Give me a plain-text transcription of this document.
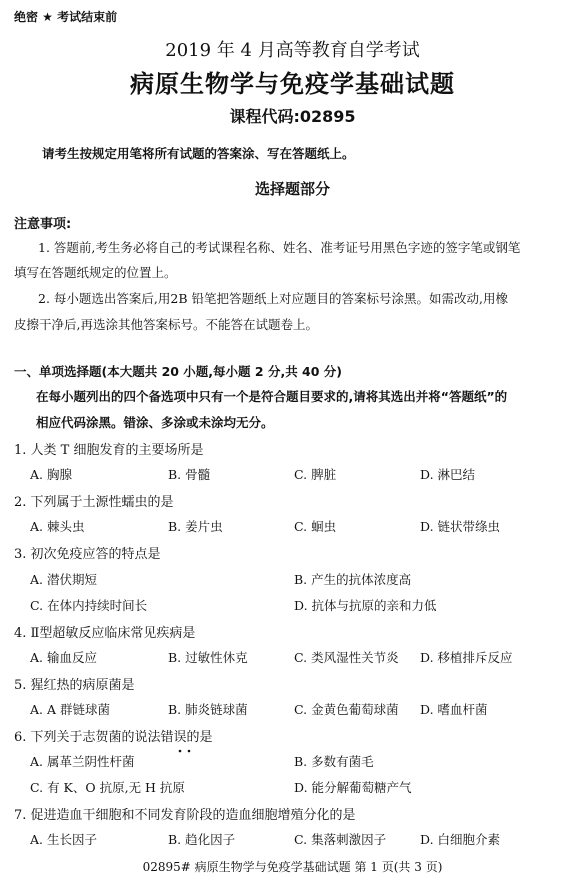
绝密 ★ 考试结束前
2019 年 4 月高等教育自学考试
病原生物学与免疫学基础试题
课程代码:02895
请考生按规定用笔将所有试题的答案涂、写在答题纸上。
选择题部分
注意事项:
1. 答题前,考生务必将自己的考试课程名称、姓名、准考证号用黑色字迹的签字笔或钢笔
填写在答题纸规定的位置上。
2. 每小题选出答案后,用2B 铅笔把答题纸上对应题目的答案标号涂黑。如需改动,用橡
皮擦干净后,再选涂其他答案标号。不能答在试题卷上。
一、单项选择题(本大题共 20 小题,每小题 2 分,共 40 分)
在每小题列出的四个备选项中只有一个是符合题目要求的,请将其选出并将“答题纸”的
相应代码涂黑。错涂、多涂或未涂均无分。
1. 人类 T 细胞发育的主要场所是
A. 胸腺	B. 骨髓	C. 脾脏	D. 淋巴结
2. 下列属于土源性蠕虫的是
A. 棘头虫	B. 姜片虫	C. 蛔虫	D. 链状带绦虫
3. 初次免疫应答的特点是
A. 潜伏期短	B. 产生的抗体浓度高
C. 在体内持续时间长	D. 抗体与抗原的亲和力低
4. Ⅱ型超敏反应临床常见疾病是
A. 输血反应	B. 过敏性休克	C. 类风湿性关节炎 D. 移植排斥反应
5. 猩红热的病原菌是
A. A 群链球菌	B. 肺炎链球菌	C. 金黄色葡萄球菌 D. 嗜血杆菌
6. 下列关于志贺菌的说法错误的是
A. 属革兰阴性杆菌	B. 多数有菌毛
C. 有 K、O 抗原,无 H 抗原	D. 能分解葡萄糖产气
7. 促进造血干细胞和不同发育阶段的造血细胞增殖分化的是
A. 生长因子	B. 趋化因子	C. 集落刺激因子	D. 白细胞介素
02895# 病原生物学与免疫学基础试题 第 1 页(共 3 页)
